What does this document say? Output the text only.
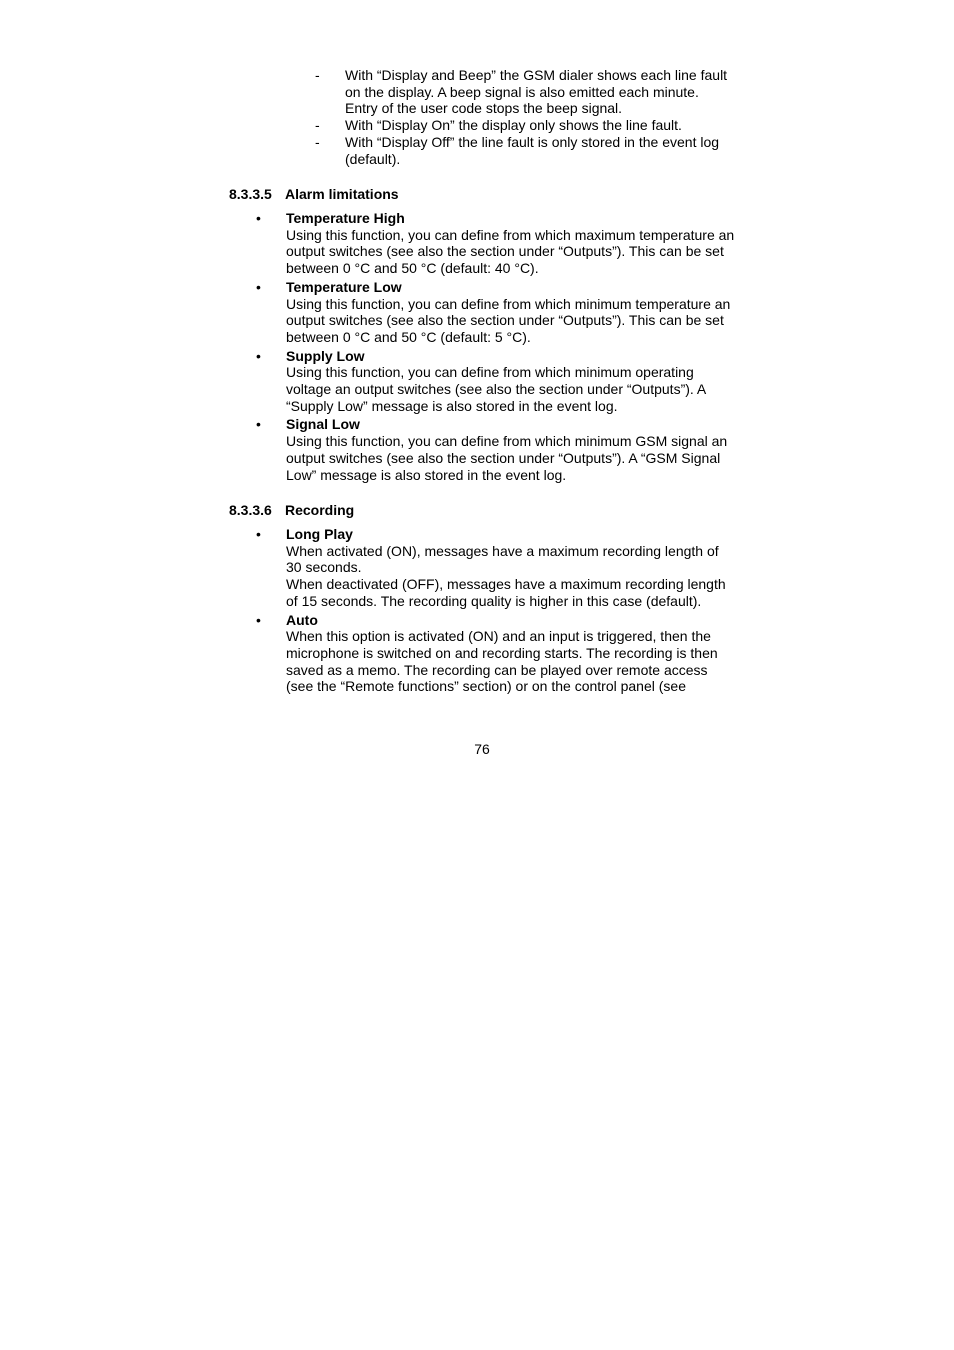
- With “Display and Beep” the GSM dialer shows each line fault on the display. A beep signal is also emitted each minute. Entry of the user code stops the beep signal.
- With “Display On” the display only shows the line fault.
- With “Display Off” the line fault is only stored in the event log (default).
8.3.3.5 Alarm limitations
• Temperature High
Using this function, you can define from which maximum temperature an output switches (see also the section under “Outputs”). This can be set between 0 °C and 50 °C (default: 40 °C).
• Temperature Low
Using this function, you can define from which minimum temperature an output switches (see also the section under “Outputs”). This can be set between 0 °C and 50 °C (default: 5 °C).
• Supply Low
Using this function, you can define from which minimum operating voltage an output switches (see also the section under “Outputs”). A “Supply Low” message is also stored in the event log.
• Signal Low
Using this function, you can define from which minimum GSM signal an output switches (see also the section under “Outputs”). A “GSM Signal Low” message is also stored in the event log.
8.3.3.6 Recording
• Long Play
When activated (ON), messages have a maximum recording length of 30 seconds.
When deactivated (OFF), messages have a maximum recording length of 15 seconds. The recording quality is higher in this case (default).
• Auto
When this option is activated (ON) and an input is triggered, then the microphone is switched on and recording starts. The recording is then saved as a memo. The recording can be played over remote access (see the “Remote functions” section) or on the control panel (see
76
